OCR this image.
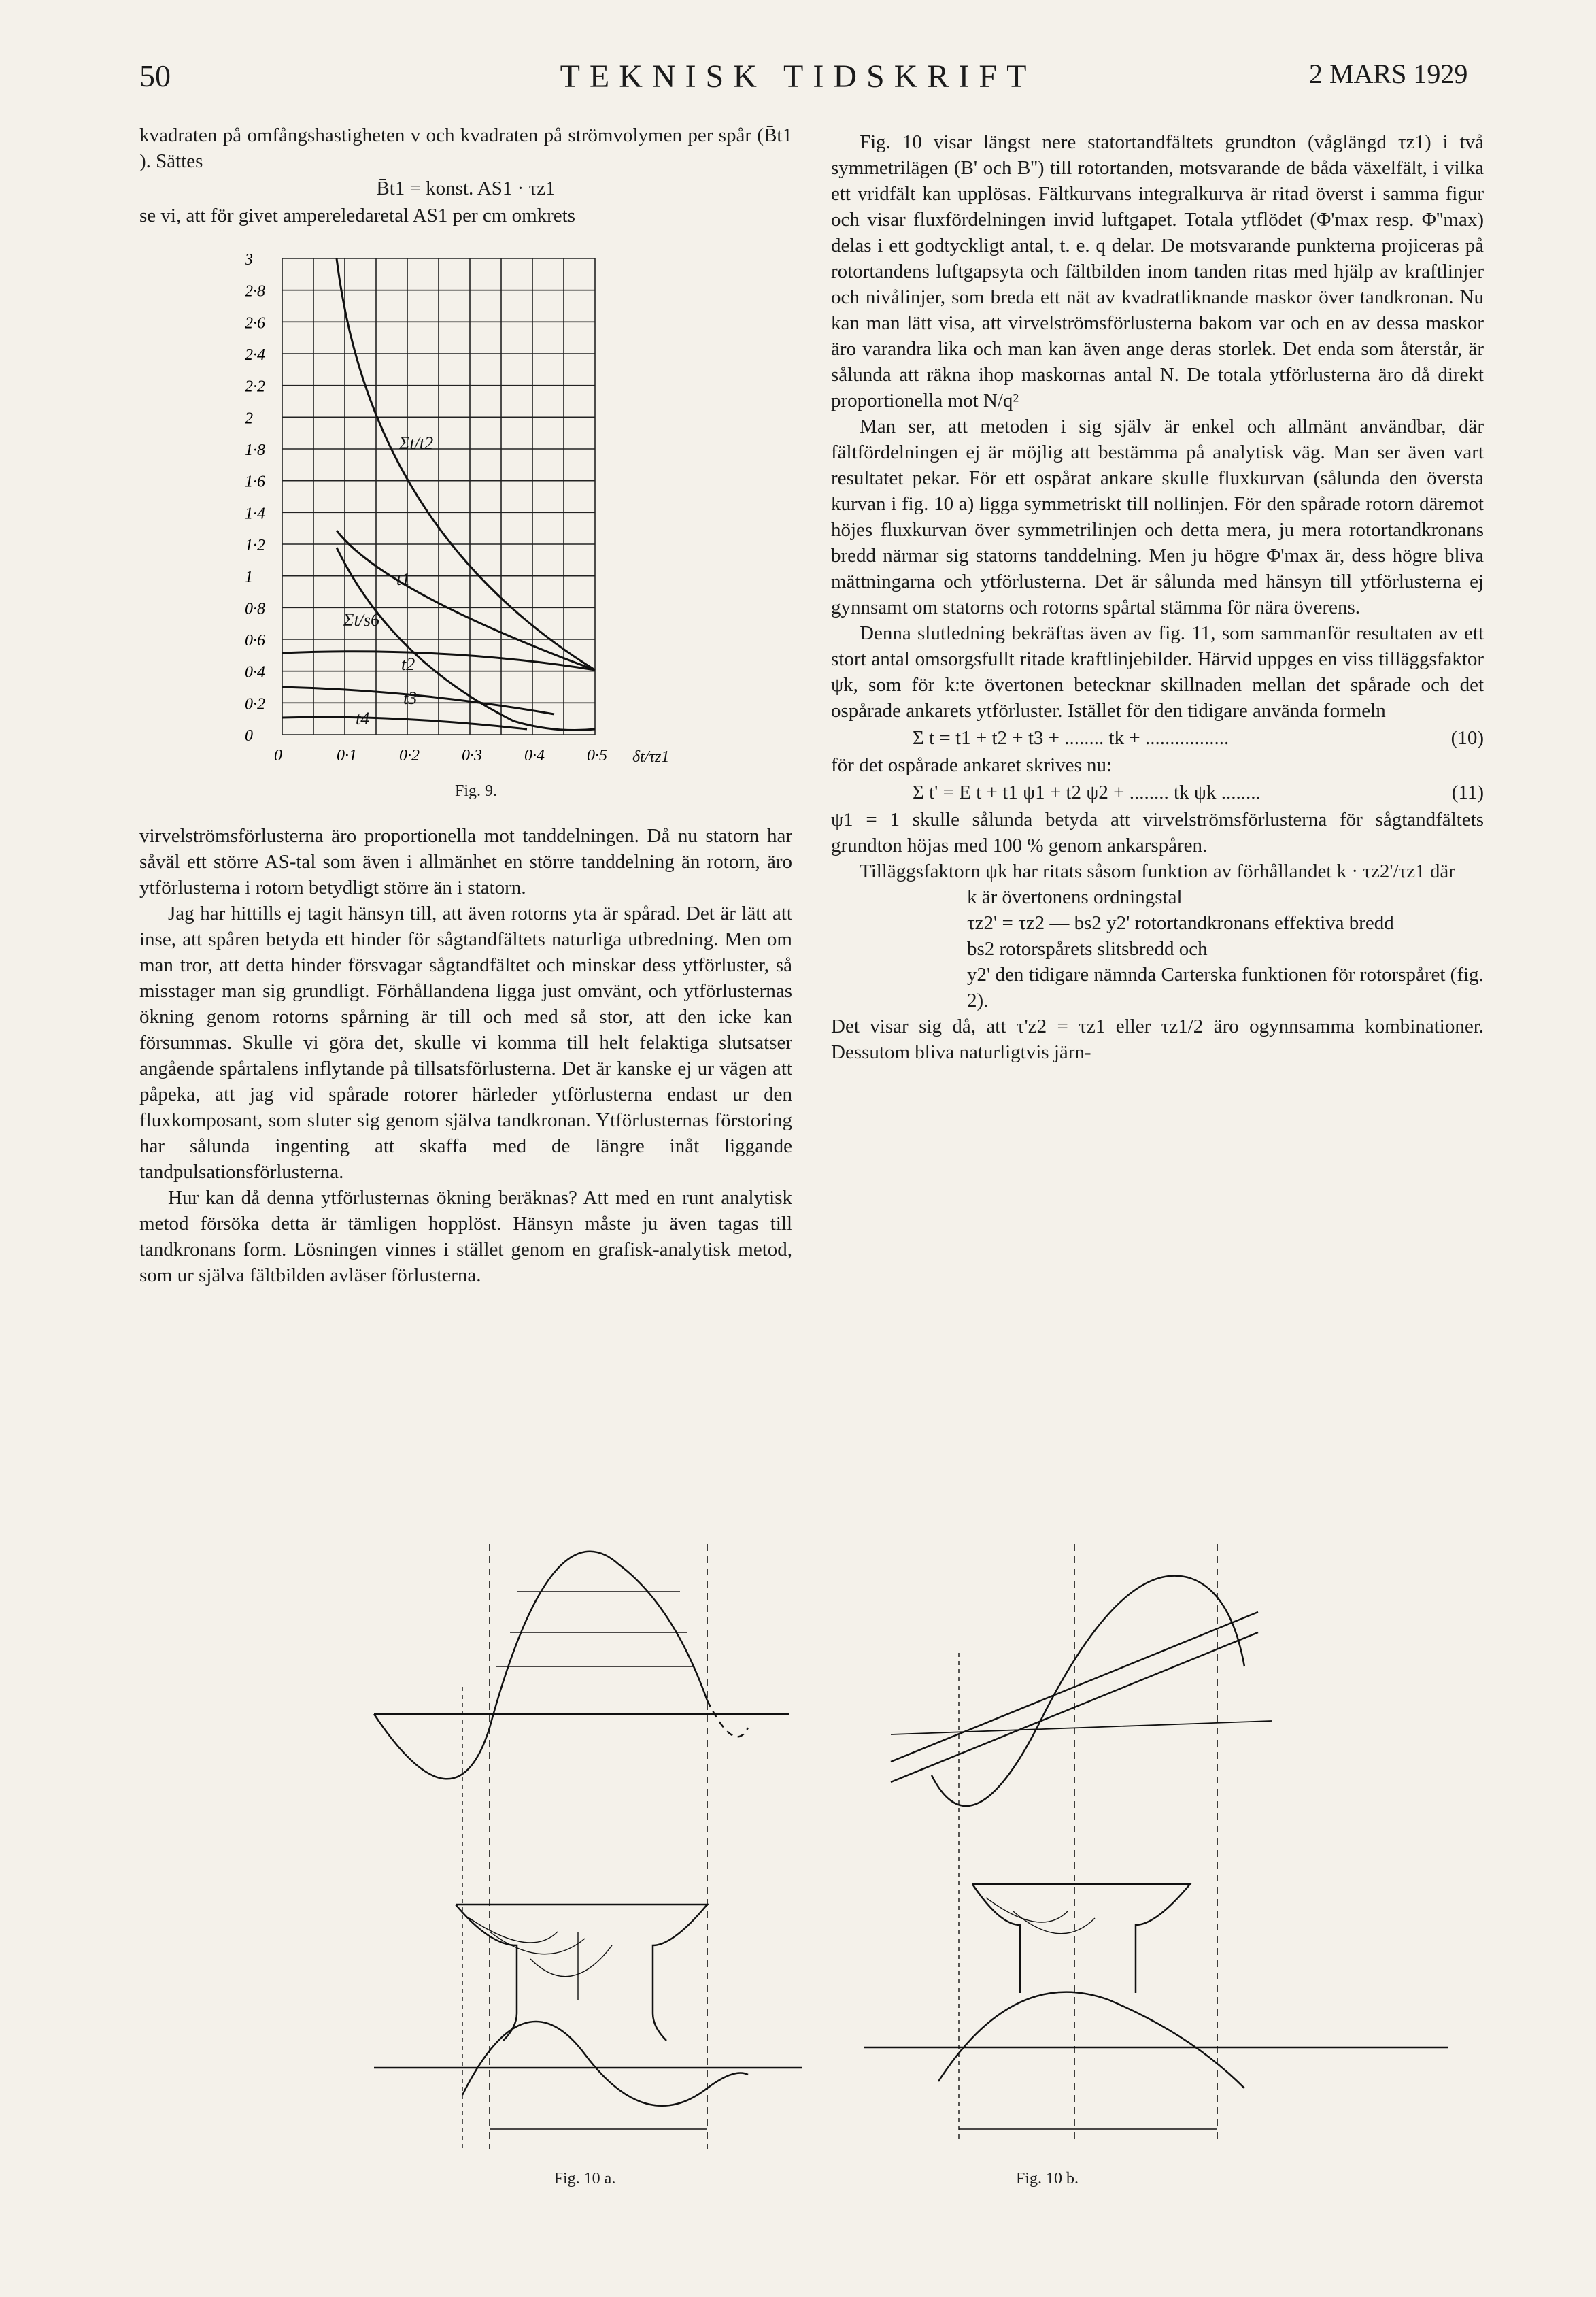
50	TEKNISK TIDSKRIFT	2 MARS 1929

kvadraten på omfångshastigheten v och kvadraten på strömvolymen per spår (B̄t1 ). Sättes

B̄t1 = konst. AS1 · τz1

se vi, att för givet ampereledaretal AS1 per cm omkrets

3
2·8
2·6
2·4
2·2
2
1·8
1·6
1·4
1·2
1
0·8
0·6
0·4
0·2
0
0	0·1	0·2	0·3	0·4	0·5
Σt/t2
t1
Σt/s6
t2
t3
t4
δt/τz1
Fig. 9.

virvelströmsförlusterna äro proportionella mot tanddelningen. Då nu statorn har såväl ett större AS-tal som även i allmänhet en större tanddelning än rotorn, äro ytförlusterna i rotorn betydligt större än i statorn.

Jag har hittills ej tagit hänsyn till, att även rotorns yta är spårad. Det är lätt att inse, att spåren betyda ett hinder för sågtandfältets naturliga utbredning. Men om man tror, att detta hinder försvagar sågtandfältet och minskar dess ytförluster, så misstager man sig grundligt. Förhållandena ligga just omvänt, och ytförlusternas ökning genom rotorns spårning är till och med så stor, att den icke kan försummas. Skulle vi göra det, skulle vi komma till helt felaktiga slutsatser angående spårtalens inflytande på tillsatsförlusterna. Det är kanske ej ur vägen att påpeka, att jag vid spårade rotorer härleder ytförlusterna endast ur den fluxkomposant, som sluter sig genom själva tandkronan. Ytförlusternas förstoring har sålunda ingenting att skaffa med de längre inåt liggande tandpulsationsförlusterna.

Hur kan då denna ytförlusternas ökning beräknas? Att med en runt analytisk metod försöka detta är tämligen hopplöst. Hänsyn måste ju även tagas till tandkronans form. Lösningen vinnes i stället genom en grafisk-analytisk metod, som ur själva fältbilden avläser förlusterna.

Fig. 10 visar längst nere statortandfältets grundton (våglängd τz1) i två symmetrilägen (B' och B'') till rotortanden, motsvarande de båda växelfält, i vilka ett vridfält kan upplösas. Fältkurvans integralkurva är ritad överst i samma figur och visar fluxfördelningen invid luftgapet. Totala ytflödet (Φ'max resp. Φ''max) delas i ett godtyckligt antal, t. e. q delar. De motsvarande punkterna projiceras på rotortandens luftgapsyta och fältbilden inom tanden ritas med hjälp av kraftlinjer och nivålinjer, som breda ett nät av kvadratliknande maskor över tandkronan. Nu kan man lätt visa, att virvelströmsförlusterna bakom var och en av dessa maskor äro varandra lika och man kan även ange deras storlek. Det enda som återstår, är sålunda att räkna ihop maskornas antal N. De totala ytförlusterna äro då direkt proportionella mot N/q²

Man ser, att metoden i sig själv är enkel och allmänt användbar, där fältfördelningen ej är möjlig att bestämma på analytisk väg. Man ser även vart resultatet pekar. För ett ospårat ankare skulle fluxkurvan (sålunda den översta kurvan i fig. 10 a) ligga symmetriskt till nollinjen. För den spårade rotorn däremot höjes fluxkurvan över symmetrilinjen och detta mera, ju mera rotortandkronans bredd närmar sig statorns tanddelning. Men ju högre Φ'max är, dess högre bliva mättningarna och ytförlusterna. Det är sålunda med hänsyn till ytförlusterna ej gynnsamt om statorns och rotorns spårtal stämma för nära överens.

Denna slutledning bekräftas även av fig. 11, som sammanför resultaten av ett stort antal omsorgsfullt ritade kraftlinjebilder. Härvid uppges en viss tilläggsfaktor ψk, som för k:te övertonen betecknar skillnaden mellan det spårade och det ospårade ankarets ytförluster. Istället för den tidigare använda formeln

Σ t = t1 + t2 + t3 + ........ tk + .................	(10)

för det ospårade ankaret skrives nu:

Σ t' = E t + t1 ψ1 + t2 ψ2 + ........ tk ψk ........	(11)

ψ1 = 1 skulle sålunda betyda att virvelströmsförlusterna för sågtandfältets grundton höjas med 100 % genom ankarspåren.

Tilläggsfaktorn ψk har ritats såsom funktion av förhållandet k · τz2'/τz1 där

k är övertonens ordningstal

τz2' = τz2 — bs2 y2' rotortandkronans effektiva bredd

bs2 rotorspårets slitsbredd och

y2' den tidigare nämnda Carterska funktionen för rotorspåret (fig. 2).

Det visar sig då, att τ'z2 = τz1 eller τz1/2 äro ogynnsamma kombinationer. Dessutom bliva naturligtvis järn-

Fig. 10 a.	Fig. 10 b.
